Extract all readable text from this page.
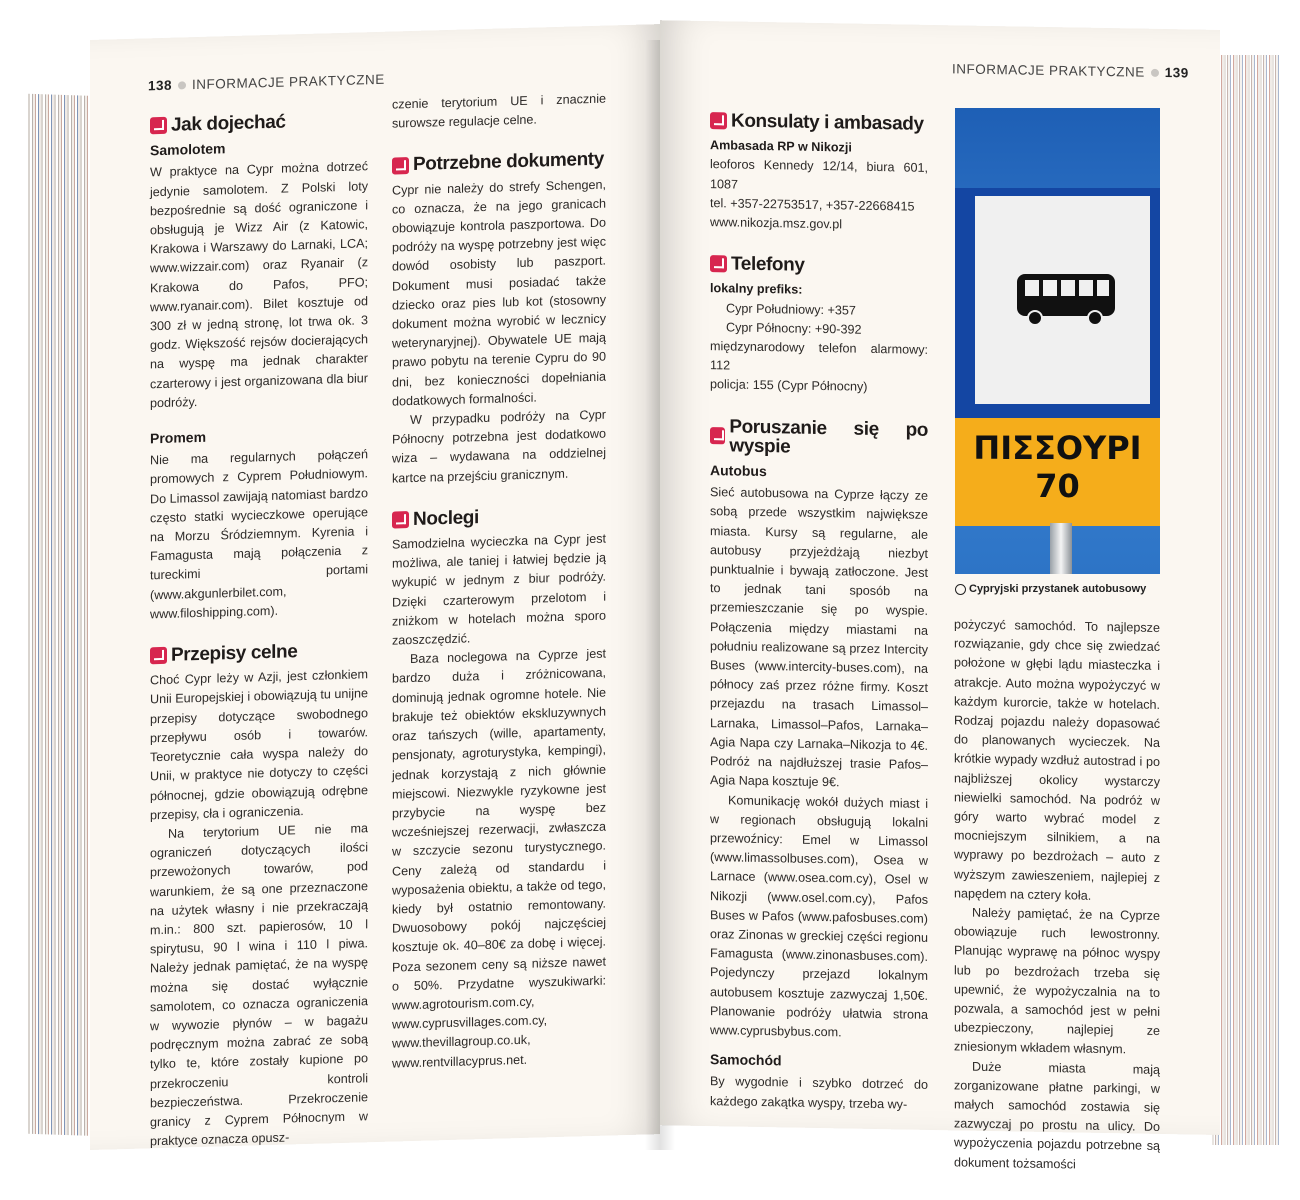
138 INFORMACJE PRAKTYCZNE
Jak dojechać
Samolotem

W praktyce na Cypr można dotrzeć jedynie samolotem. Z Polski loty bezpośrednie są dość ograniczone i obsługują je Wizz Air (z Katowic, Krakowa i Warszawy do Larnaki, LCA; www.wizzair.com) oraz Ryanair (z Krakowa do Pafos, PFO; www.ryanair.com). Bilet kosztuje od 300 zł w jedną stronę, lot trwa ok. 3 godz. Większość rejsów docierających na wyspę ma jednak charakter czarterowy i jest organizowana dla biur podróży.

Promem

Nie ma regularnych połączeń promowych z Cyprem Południowym. Do Limassol zawijają natomiast bardzo często statki wycieczkowe operujące na Morzu Śródziemnym. Kyrenia i Famagusta mają połączenia z tureckimi portami (www.akgunlerbilet.com, www.filoshipping.com).

Przepisy celne

Choć Cypr leży w Azji, jest członkiem Unii Europejskiej i obowiązują tu unijne przepisy dotyczące swobodnego przepływu osób i towarów. Teoretycznie cała wyspa należy do Unii, w praktyce nie dotyczy to części północnej, gdzie obowiązują odrębne przepisy, cła i ograniczenia.

Na terytorium UE nie ma ograniczeń dotyczących ilości przewożonych towarów, pod warunkiem, że są one przeznaczone na użytek własny i nie przekraczają m.in.: 800 szt. papierosów, 10 l spirytusu, 90 l wina i 110 l piwa. Należy jednak pamiętać, że na wyspę można się dostać wyłącznie samolotem, co oznacza ograniczenia w wywozie płynów – w bagażu podręcznym można zabrać ze sobą tylko te, które zostały kupione po przekroczeniu kontroli bezpieczeństwa. Przekroczenie granicy z Cyprem Północnym w praktyce oznacza opusz-

czenie terytorium UE i znacznie surowsze regulacje celne.

Potrzebne dokumenty

Cypr nie należy do strefy Schengen, co oznacza, że na jego granicach obowiązuje kontrola paszportowa. Do podróży na wyspę potrzebny jest więc dowód osobisty lub paszport. Dokument musi posiadać także dziecko oraz pies lub kot (stosowny dokument można wyrobić w lecznicy weterynaryjnej). Obywatele UE mają prawo pobytu na terenie Cypru do 90 dni, bez konieczności dopełniania dodatkowych formalności.

W przypadku podróży na Cypr Północny potrzebna jest dodatkowo wiza – wydawana na oddzielnej kartce na przejściu granicznym.

Noclegi

Samodzielna wycieczka na Cypr jest możliwa, ale taniej i łatwiej będzie ją wykupić w jednym z biur podróży. Dzięki czarterowym przelotom i zniżkom w hotelach można sporo zaoszczędzić.

Baza noclegowa na Cyprze jest bardzo duża i zróżnicowana, dominują jednak ogromne hotele. Nie brakuje też obiektów ekskluzywnych oraz tańszych (wille, apartamenty, pensjonaty, agroturystyka, kempingi), jednak korzystają z nich głównie miejscowi. Niezwykle ryzykowne jest przybycie na wyspę bez wcześniejszej rezerwacji, zwłaszcza w szczycie sezonu turystycznego. Ceny zależą od standardu i wyposażenia obiektu, a także od tego, kiedy był ostatnio remontowany. Dwuosobowy pokój najczęściej kosztuje ok. 40–80€ za dobę i więcej. Poza sezonem ceny są niższe nawet o 50%. Przydatne wyszukiwarki: www.agrotourism.com.cy, www.cyprusvillages.com.cy, www.thevillagroup.co.uk, www.rentvillacyprus.net.

INFORMACJE PRAKTYCZNE 139
Konsulaty i ambasady
Ambasada RP w Nikozji
leoforos Kennedy 12/14, biura 601, 1087
tel. +357-22753517, +357-22668415
www.nikozja.msz.gov.pl
Telefony
lokalny prefiks:
Cypr Południowy: +357
Cypr Północny: +90-392
międzynarodowy telefon alarmowy: 112
policja: 155 (Cypr Północny)
Poruszanie się po wyspie
Autobus

Sieć autobusowa na Cyprze łączy ze sobą przede wszystkim największe miasta. Kursy są regularne, ale autobusy przyjeżdżają niezbyt punktualnie i bywają zatłoczone. Jest to jednak tani sposób na przemieszczanie się po wyspie. Połączenia między miastami na południu realizowane są przez Intercity Buses (www.intercity-buses.com), na północy zaś przez różne firmy. Koszt przejazdu na trasach Limassol–Larnaka, Limassol–Pafos, Larnaka–Agia Napa czy Larnaka–Nikozja to 4€. Podróż na najdłuższej trasie Pafos–Agia Napa kosztuje 9€.

Komunikację wokół dużych miast i w regionach obsługują lokalni przewoźnicy: Emel w Limassol (www.limassolbuses.com), Osea w Larnace (www.osea.com.cy), Osel w Nikozji (www.osel.com.cy), Pafos Buses w Pafos (www.pafosbuses.com) oraz Zinonas w greckiej części regionu Famagusta (www.zinonasbuses.com). Pojedynczy przejazd lokalnym autobusem kosztuje zazwyczaj 1,50€. Planowanie podróży ułatwia strona www.cyprusbybus.com.

Samochód

By wygodnie i szybko dotrzeć do każdego zakątka wyspy, trzeba wy-

pożyczyć samochód. To najlepsze rozwiązanie, gdy chce się zwiedzać położone w głębi lądu miasteczka i atrakcje. Auto można wypożyczyć w każdym kurorcie, także w hotelach. Rodzaj pojazdu należy dopasować do planowanych wycieczek. Na krótkie wypady wzdłuż autostrad i po najbliższej okolicy wystarczy niewielki samochód. Na podróż w góry warto wybrać model z mocniejszym silnikiem, a na wyprawy po bezdrożach – auto z wyższym zawieszeniem, najlepiej z napędem na cztery koła.

Należy pamiętać, że na Cyprze obowiązuje ruch lewostronny. Planując wyprawę na północ wyspy lub po bezdrożach trzeba się upewnić, że wypożyczalnia na to pozwala, a samochód jest w pełni ubezpieczony, najlepiej ze zniesionym wkładem własnym.

Duże miasta mają zorganizowane płatne parkingi, w małych samochód zostawia się zazwyczaj po prostu na ulicy. Do wypożyczenia pojazdu potrzebne są dokument tożsamości

ΠΙΣΣΟΥΡΙ
70
Cypryjski przystanek autobusowy
